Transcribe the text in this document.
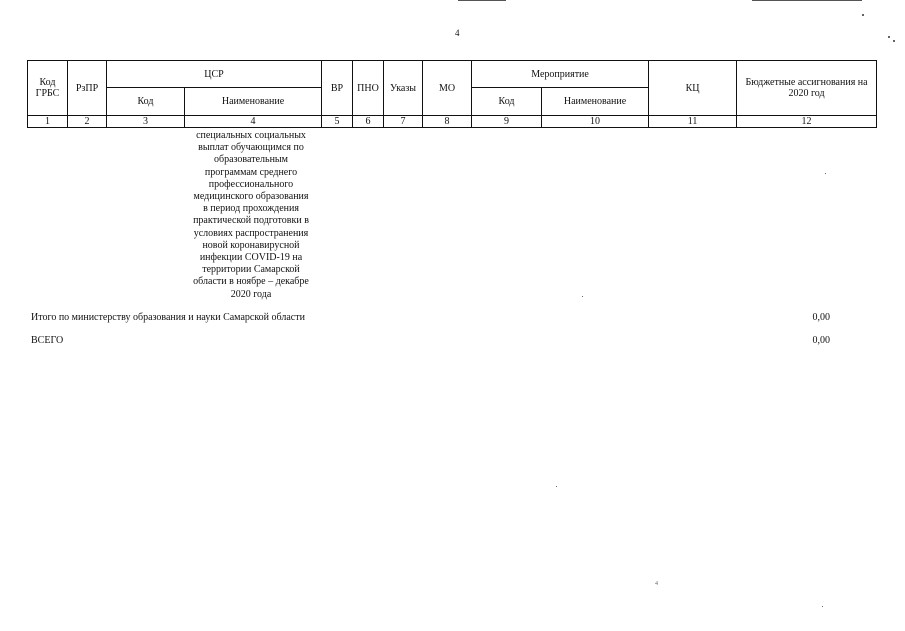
4
Код ГРБС	РзПР	ЦСР		ВР	ПНО	Указы	МО	Мероприятие		КЦ	Бюджетные ассигнования на 2020 год
		Код	Наименование					Код	Наименование		
1	2	3	4	5	6	7	8	9	10	11	12
специальных социальных
выплат обучающимся по
образовательным
программам среднего
профессионального
медицинского образования
в период прохождения
практической подготовки в
условиях распространения
новой коронавирусной
инфекции COVID-19 на
территории Самарской
области в ноябре – декабре
2020 года
Итого по министерству образования и науки Самарской области	0,00
ВСЕГО	0,00
4
